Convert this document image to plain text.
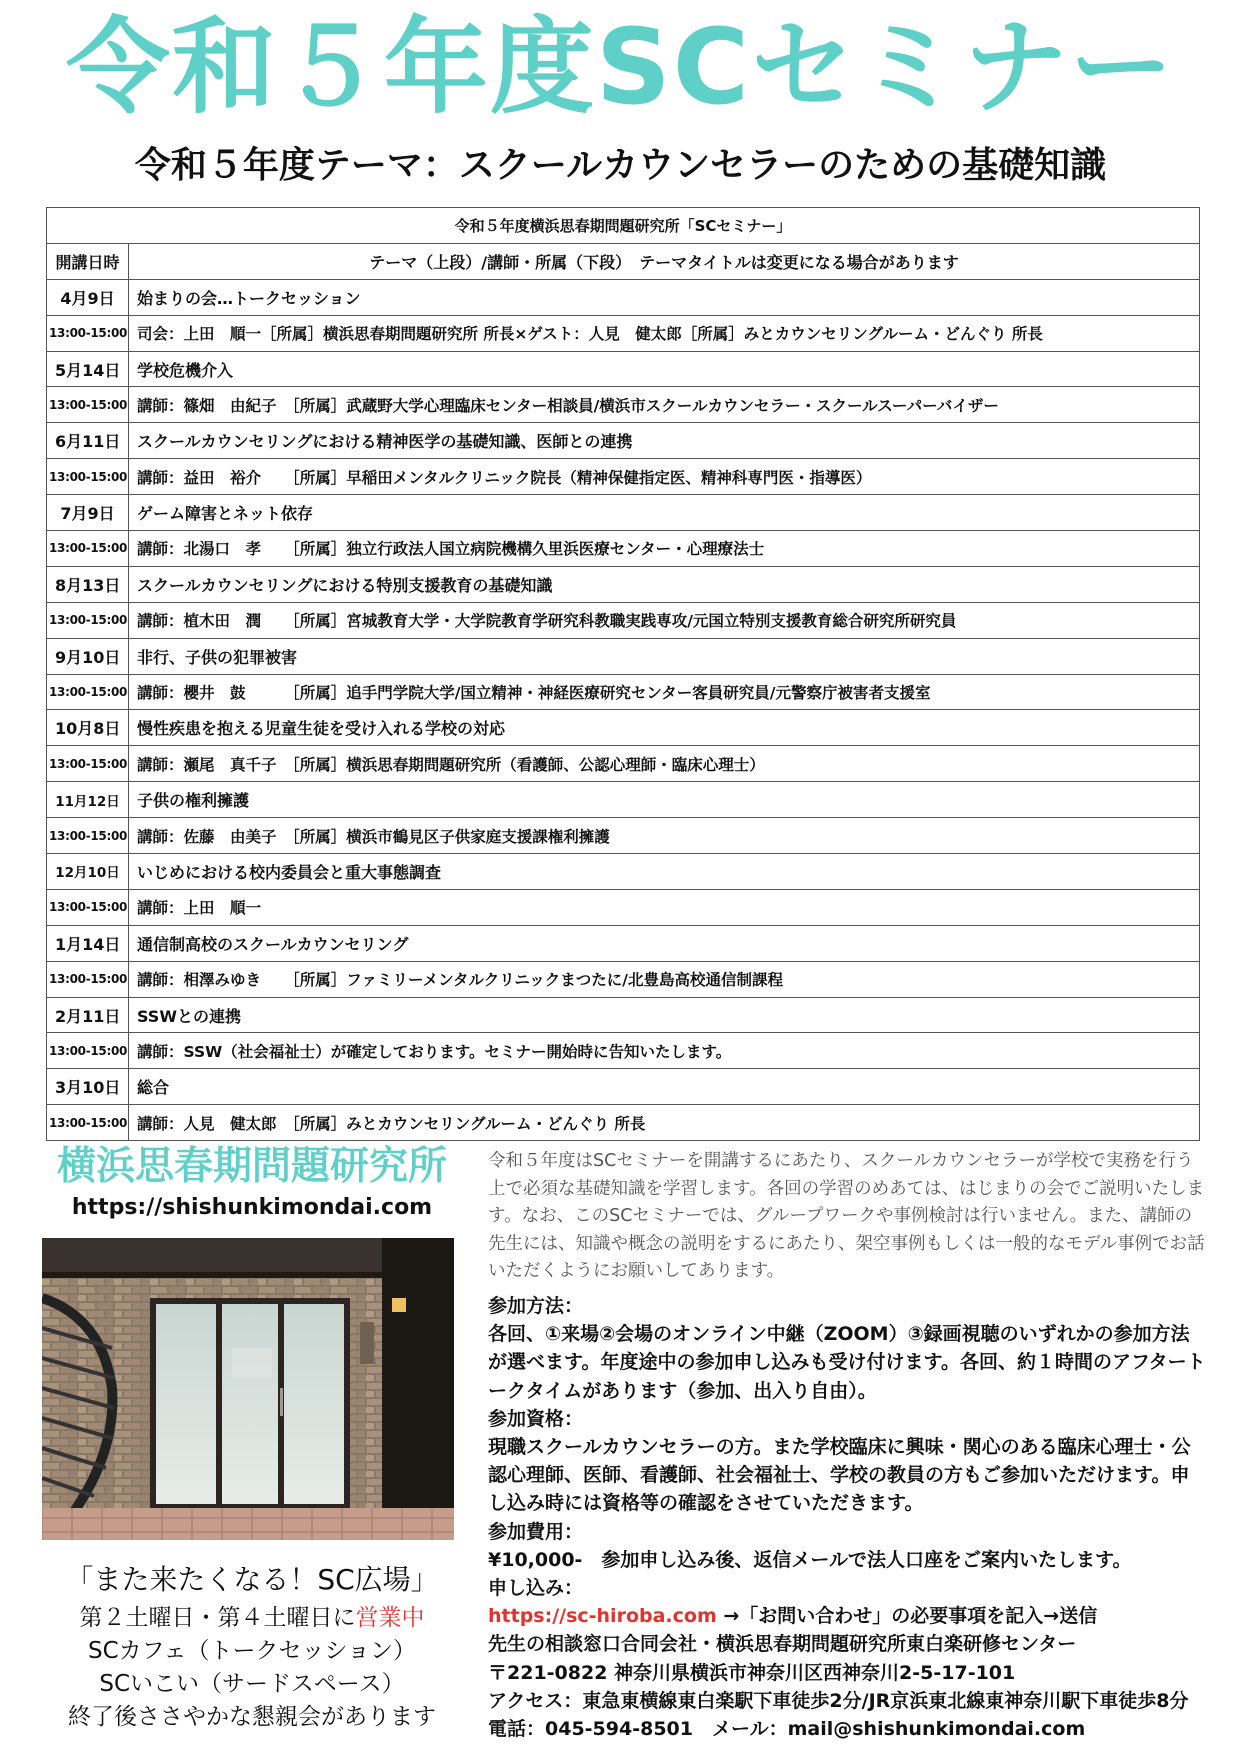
令和５年度SCセミナー
令和５年度テーマ：スクールカウンセラーのための基礎知識
令和５年度横浜思春期問題研究所「SCセミナー」	
開講日時	テーマ（上段）/講師・所属（下段）　テーマタイトルは変更になる場合があります
4月9日	始まりの会…トークセッション
13:00-15:00	司会：上田　順一［所属］横浜思春期問題研究所 所長×ゲスト：人見　健太郎［所属］みとカウンセリングルーム・どんぐり 所長
5月14日	学校危機介入
13:00-15:00	講師：篠畑　由紀子　［所属］武蔵野大学心理臨床センター相談員/横浜市スクールカウンセラー・スクールスーパーバイザー
6月11日	スクールカウンセリングにおける精神医学の基礎知識、医師との連携
13:00-15:00	講師：益田　裕介　　［所属］早稲田メンタルクリニック院長（精神保健指定医、精神科専門医・指導医）
7月9日	ゲーム障害とネット依存
13:00-15:00	講師：北湯口　孝　　［所属］独立行政法人国立病院機構久里浜医療センター・心理療法士
8月13日	スクールカウンセリングにおける特別支援教育の基礎知識
13:00-15:00	講師：植木田　潤　　［所属］宮城教育大学・大学院教育学研究科教職実践専攻/元国立特別支援教育総合研究所研究員
9月10日	非行、子供の犯罪被害
13:00-15:00	講師：櫻井　鼓　　　［所属］追手門学院大学/国立精神・神経医療研究センター客員研究員/元警察庁被害者支援室
10月8日	慢性疾患を抱える児童生徒を受け入れる学校の対応
13:00-15:00	講師：瀬尾　真千子　［所属］横浜思春期問題研究所（看護師、公認心理師・臨床心理士）
11月12日	子供の権利擁護
13:00-15:00	講師：佐藤　由美子　［所属］横浜市鶴見区子供家庭支援課権利擁護
12月10日	いじめにおける校内委員会と重大事態調査
13:00-15:00	講師：上田　順一
1月14日	通信制高校のスクールカウンセリング
13:00-15:00	講師：相澤みゆき　　［所属］ファミリーメンタルクリニックまつたに/北豊島高校通信制課程
2月11日	SSWとの連携
13:00-15:00	講師：SSW（社会福祉士）が確定しております。セミナー開始時に告知いたします。
3月10日	総合
13:00-15:00	講師：人見　健太郎　［所属］みとカウンセリングルーム・どんぐり 所長
横浜思春期問題研究所
https://shishunkimondai.com
「また来たくなる！SC広場」
第２土曜日・第４土曜日に営業中
SCカフェ（トークセッション）
SCいこい（サードスペース）
終了後ささやかな懇親会があります
令和５年度はSCセミナーを開講するにあたり、スクールカウンセラーが学校で実務を行う上で必須な基礎知識を学習します。各回の学習のめあては、はじまりの会でご説明いたします。なお、このSCセミナーでは、グループワークや事例検討は行いません。また、講師の先生には、知識や概念の説明をするにあたり、架空事例もしくは一般的なモデル事例でお話いただくようにお願いしてあります。
参加方法：
各回、①来場②会場のオンライン中継（ZOOM）③録画視聴のいずれかの参加方法が選べます。年度途中の参加申し込みも受け付けます。各回、約１時間のアフタートークタイムがあります（参加、出入り自由）。
参加資格：
現職スクールカウンセラーの方。また学校臨床に興味・関心のある臨床心理士・公認心理師、医師、看護師、社会福祉士、学校の教員の方もご参加いただけます。申し込み時には資格等の確認をさせていただきます。
参加費用：
¥10,000-　参加申し込み後、返信メールで法人口座をご案内いたします。
申し込み：
https://sc-hiroba.com →「お問い合わせ」の必要事項を記入→送信
先生の相談窓口合同会社・横浜思春期問題研究所東白楽研修センター
〒221-0822 神奈川県横浜市神奈川区西神奈川2-5-17-101
アクセス：東急東横線東白楽駅下車徒歩2分/JR京浜東北線東神奈川駅下車徒歩8分
電話：045-594-8501　メール：mail@shishunkimondai.com
